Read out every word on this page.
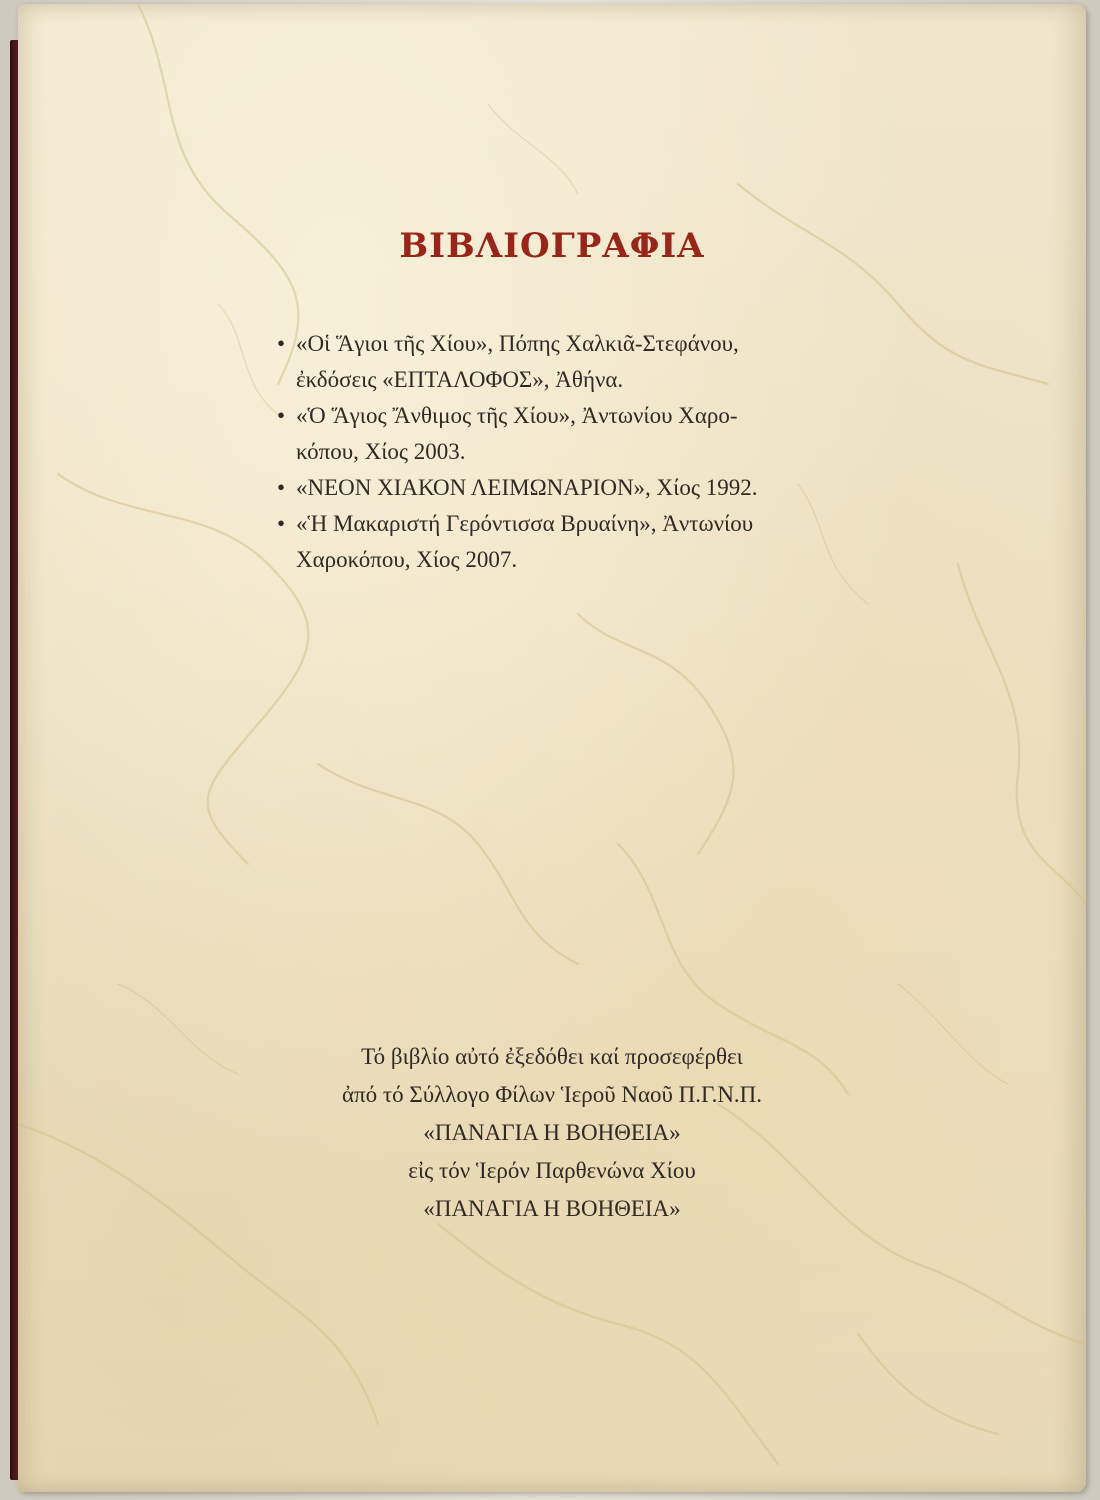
ΒΙΒΛΙΟΓΡΑΦΙΑ
• «Οἱ Ἅγιοι τῆς Χίου», Πόπης Χαλκιᾶ-Στεφάνου,
ἐκδόσεις «ΕΠΤΑΛΟΦΟΣ», Ἀθήνα.
• «Ὁ Ἅγιος Ἄνθιμος τῆς Χίου», Ἀντωνίου Χαρο-
κόπου, Χίος 2003.
• «ΝΕΟΝ ΧΙΑΚΟΝ ΛΕΙΜΩΝΑΡΙΟΝ», Χίος 1992.
• «Ἡ Μακαριστή Γερόντισσα Βρυαίνη», Ἀντωνίου
Χαροκόπου, Χίος 2007.
Τό βιβλίο αὐτό ἐξεδόθει καί προσεφέρθει
ἀπό τό Σύλλογο Φίλων Ἱεροῦ Ναοῦ Π.Γ.Ν.Π.
«ΠΑΝΑΓΙΑ Η ΒΟΗΘΕΙΑ»
εἰς τόν Ἱερόν Παρθενώνα Χίου
«ΠΑΝΑΓΙΑ Η ΒΟΗΘΕΙΑ»
